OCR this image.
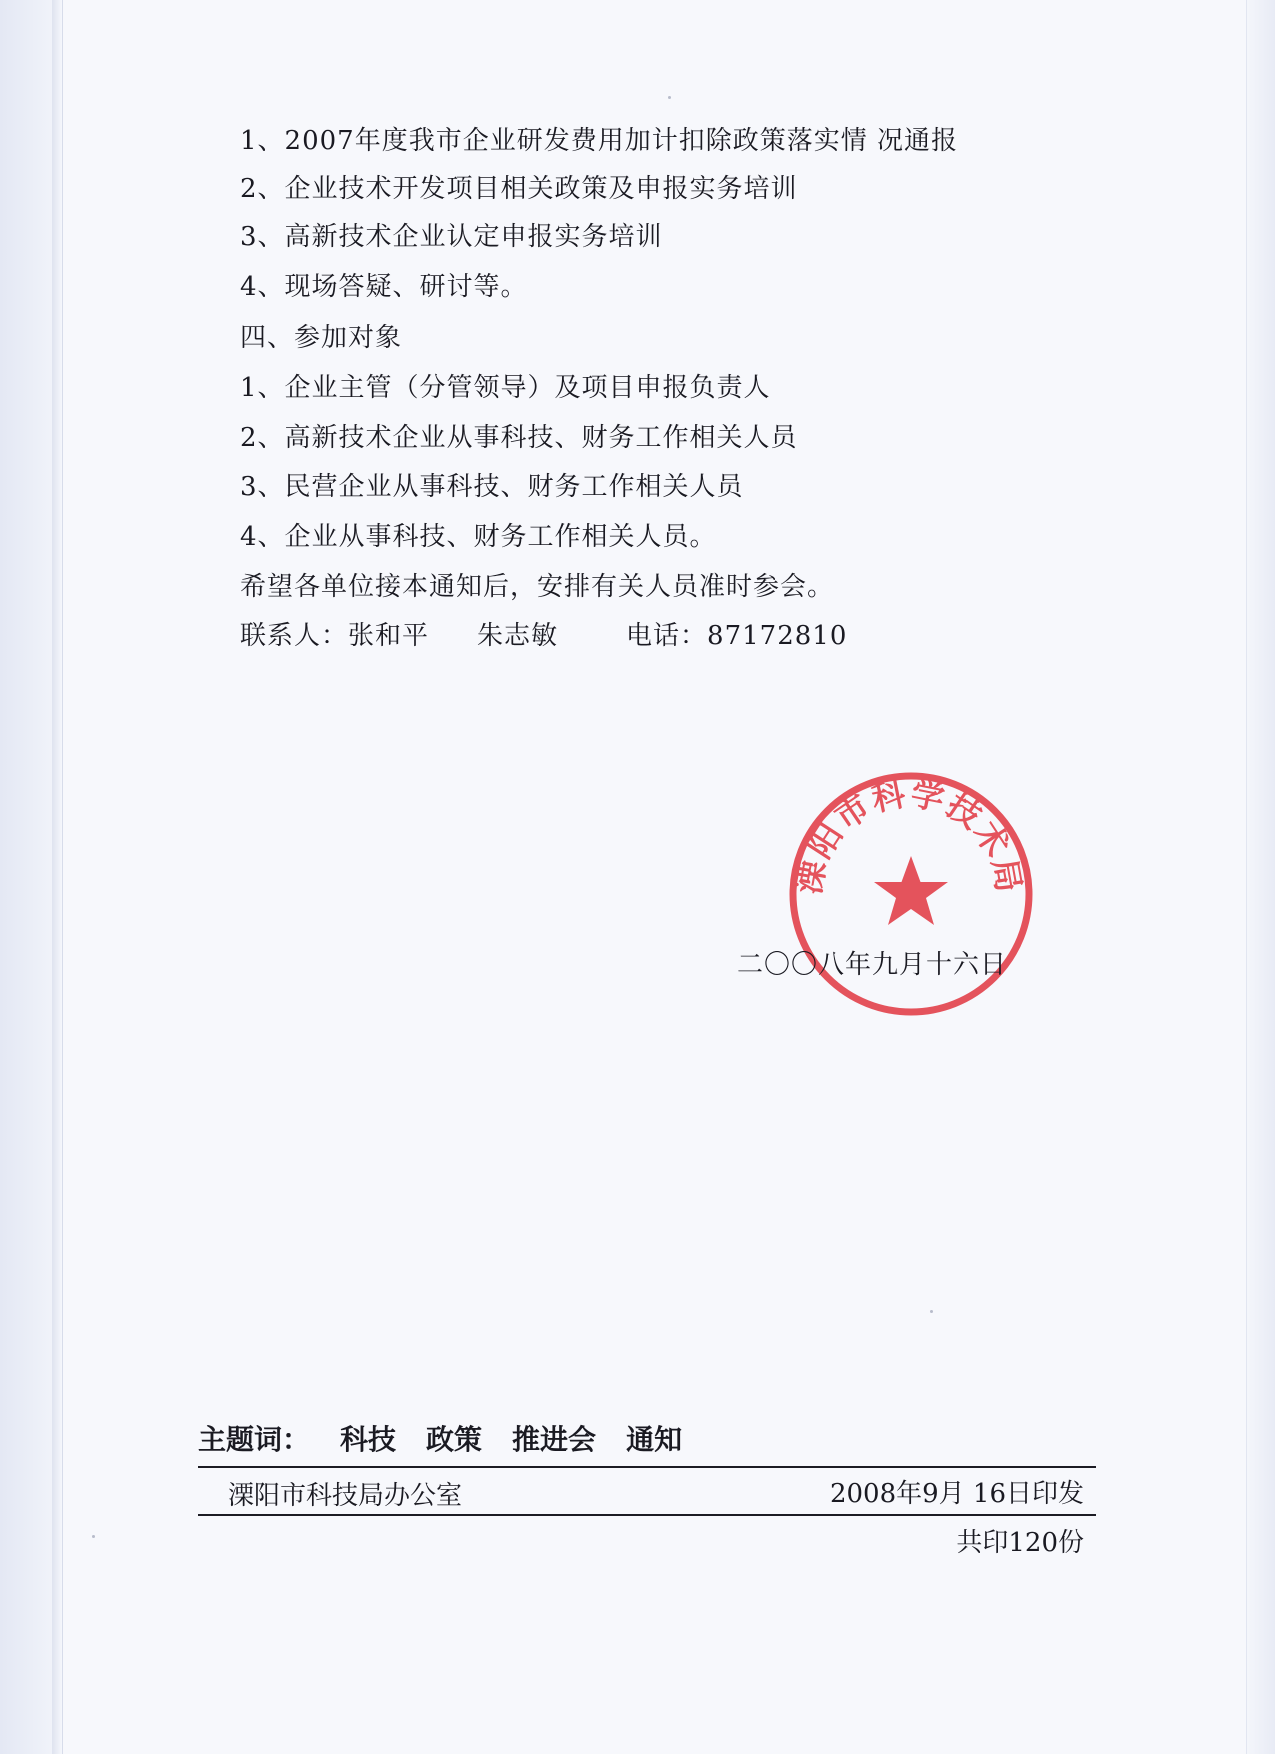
1、2007年度我市企业研发费用加计扣除政策落实情 况通报
2、企业技术开发项目相关政策及申报实务培训
3、高新技术企业认定申报实务培训
4、现场答疑、研讨等。
四、参加对象
1、企业主管（分管领导）及项目申报负责人
2、高新技术企业从事科技、财务工作相关人员
3、民营企业从事科技、财务工作相关人员
4、企业从事科技、财务工作相关人员。
希望各单位接本通知后，安排有关人员准时参会。
联系人：张和平 朱志敏	电话：87172810
溧阳市科学技术局
二〇〇八年九月十六日
主题词： 科技 政策 推进会 通知
溧阳市科技局办公室	2008年9月 16日印发
共印120份
